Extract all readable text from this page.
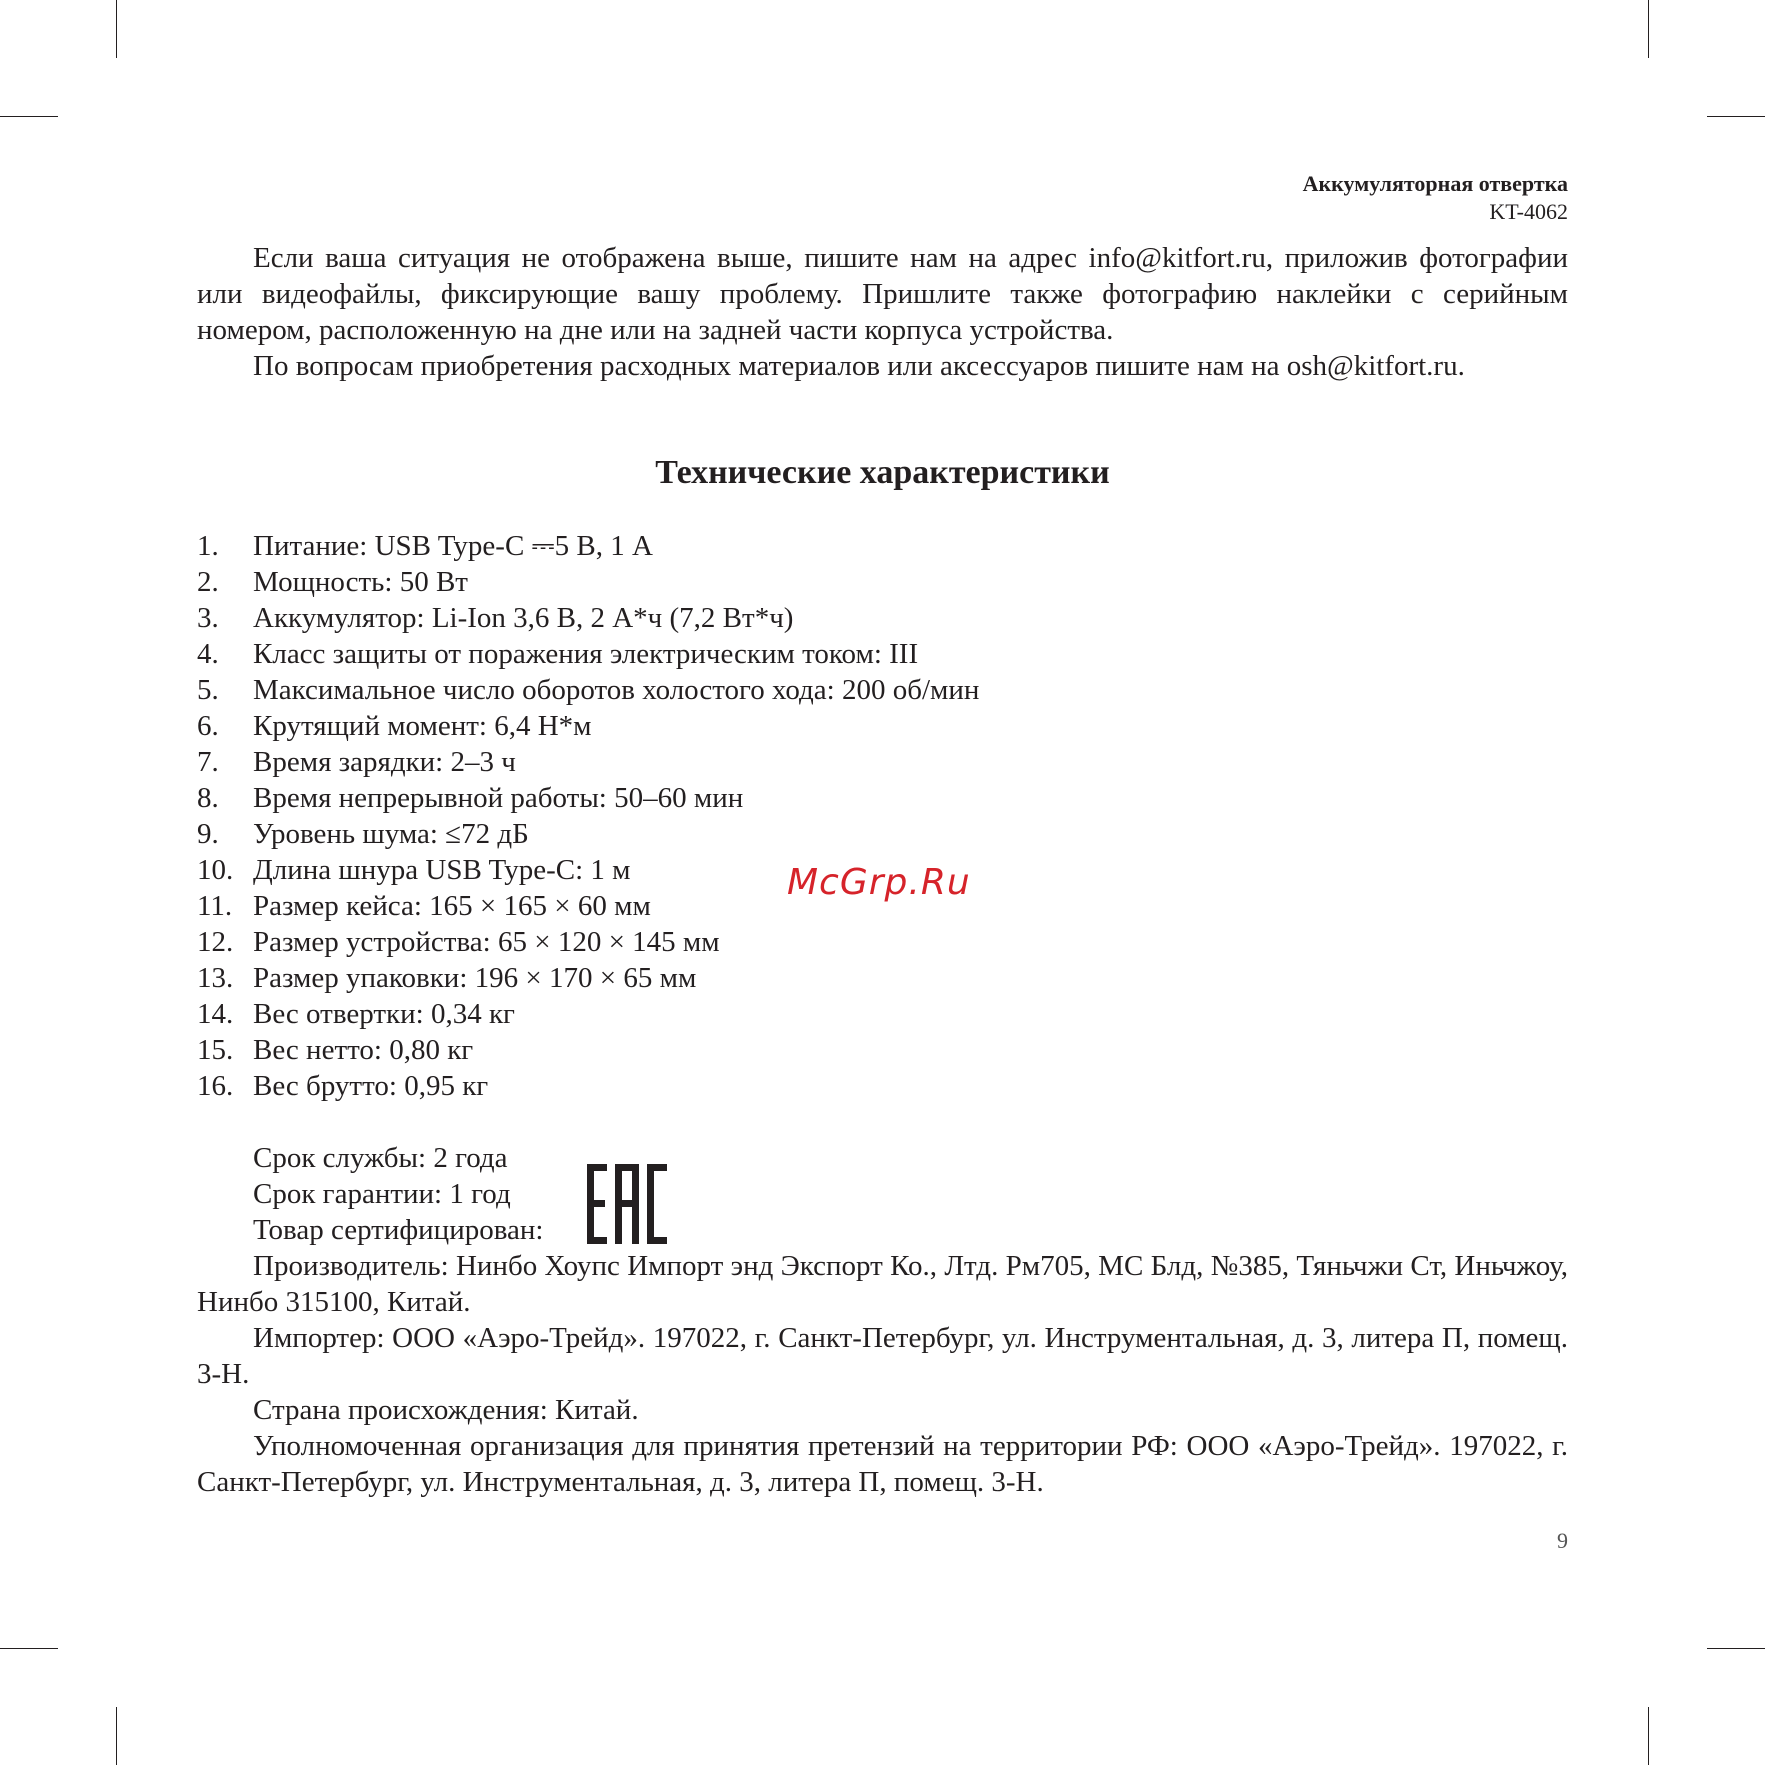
Аккумуляторная отвертка
KT-4062

Если ваша ситуация не отображена выше, пишите нам на адрес info@kitfort.ru, приложив фотографии или видеофайлы, фиксирующие вашу проблему. Пришлите также фотографию наклейки с серийным номером, расположенную на дне или на задней части корпуса устройства.

По вопросам приобретения расходных материалов или аксессуаров пишите нам на osh@kitfort.ru.

Технические характеристики
1.	Питание: USB Type-C ⎓5 В, 1 А
2.	Мощность: 50 Вт
3.	Аккумулятор: Li-Ion 3,6 В, 2 А*ч (7,2 Вт*ч)
4.	Класс защиты от поражения электрическим током: III
5.	Максимальное число оборотов холостого хода: 200 об/мин
6.	Крутящий момент: 6,4 Н*м
7.	Время зарядки: 2–3 ч
8.	Время непрерывной работы: 50–60 мин
9.	Уровень шума: ≤72 дБ
10. Длина шнура USB Type-C: 1 м
11. Размер кейса: 165 × 165 × 60 мм
12. Размер устройства: 65 × 120 × 145 мм
13. Размер упаковки: 196 × 170 × 65 мм
14. Вес отвертки: 0,34 кг
15. Вес нетто: 0,80 кг
16. Вес брутто: 0,95 кг
McGrp.Ru

Срок службы: 2 года

Срок гарантии: 1 год

Товар сертифицирован:

Производитель: Нинбо Хоупс Импорт энд Экспорт Ко., Лтд. Рм705, МС Блд, №385, Тяньчжи Ст, Иньчжоу, Нинбо 315100, Китай.

Импортер: ООО «Аэро-Трейд». 197022, г. Санкт-Петербург, ул. Инструментальная, д. 3, литера П, помещ. 3-Н.

Страна происхождения: Китай.

Уполномоченная организация для принятия претензий на территории РФ: ООО «Аэро-Трейд». 197022, г. Санкт-Петербург, ул. Инструментальная, д. 3, литера П, помещ. 3-Н.

9
